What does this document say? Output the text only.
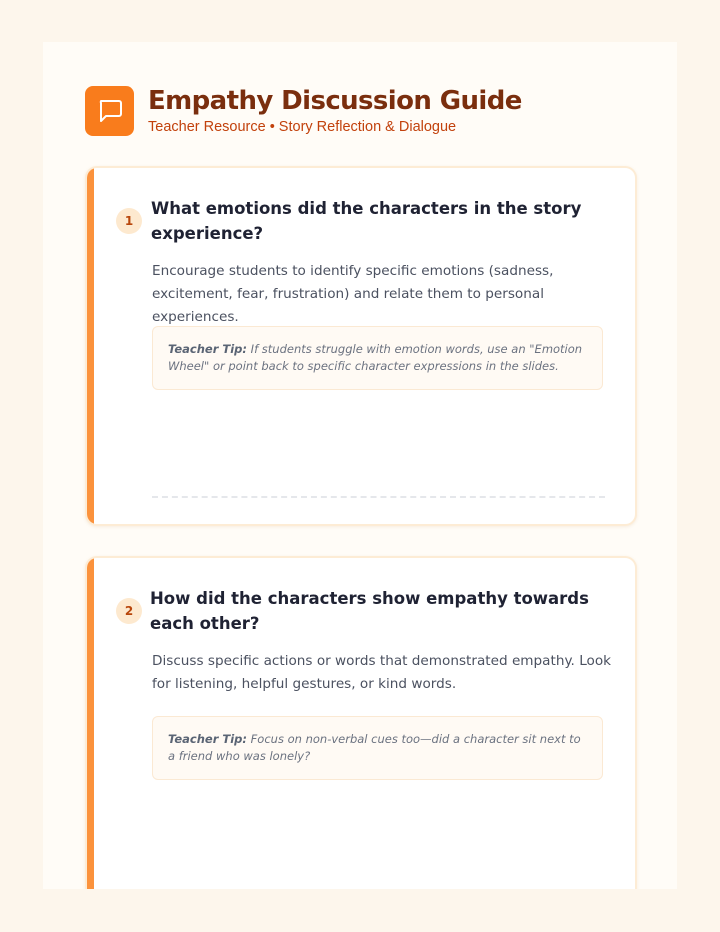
Empathy Discussion Guide
Teacher Resource • Story Reflection & Dialogue
1
What emotions did the characters in the story experience?

Encourage students to identify specific emotions (sadness, excitement, fear, frustration) and relate them to personal experiences.

Teacher Tip: If students struggle with emotion words, use an "Emotion Wheel" or point back to specific character expressions in the slides.
2
How did the characters show empathy towards each other?

Discuss specific actions or words that demonstrated empathy. Look for listening, helpful gestures, or kind words.

Teacher Tip: Focus on non-verbal cues too—did a character sit next to a friend who was lonely?
